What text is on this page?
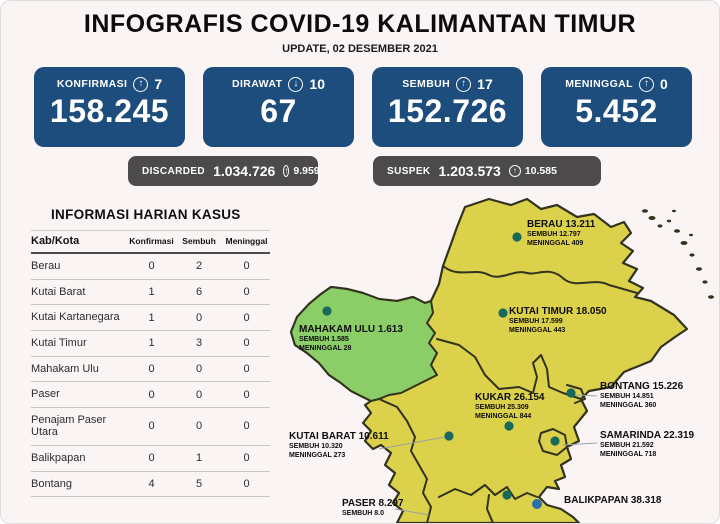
INFOGRAFIS COVID-19 KALIMANTAN TIMUR
UPDATE, 02 DESEMBER 2021
KONFIRMASI	↑ 7
158.245
DIRAWAT	↓ 10
67
SEMBUH	↑ 17
152.726
MENINGGAL	↑ 0
5.452
DISCARDED 1.034.726 ↑ 9.959	SUSPEK 1.203.573	↑ 10.585
INFORMASI HARIAN KASUS
Kab/Kota	Konfirmasi	Sembuh	Meninggal
Berau	0	2	0
Kutai Barat	1	6	0
Kutai Kartanegara	1	0	0
Kutai Timur	1	3	0
Mahakam Ulu	0	0	0
Paser	0	0	0
Penajam Paser Utara	0	0	0
Balikpapan	0	1	0
Bontang	4	5	0
BERAU 13.211
SEMBUH 12.797
MENINGGAL 409
KUTAI TIMUR 18.050
SEMBUH 17.599
MENINGGAL 443
MAHAKAM ULU 1.613
SEMBUH 1.585
MENINGGAL 28
KUKAR 26.154
SEMBUH 25.309
MENINGGAL 844
BONTANG 15.226
SEMBUH 14.851
MENINGGAL 360
SAMARINDA 22.319
SEMBUH 21.592
MENINGGAL 718
KUTAI BARAT 10.611
SEMBUH 10.320
MENINGGAL 273
PASER 8.297
SEMBUH 8.0
BALIKPAPAN 38.318
